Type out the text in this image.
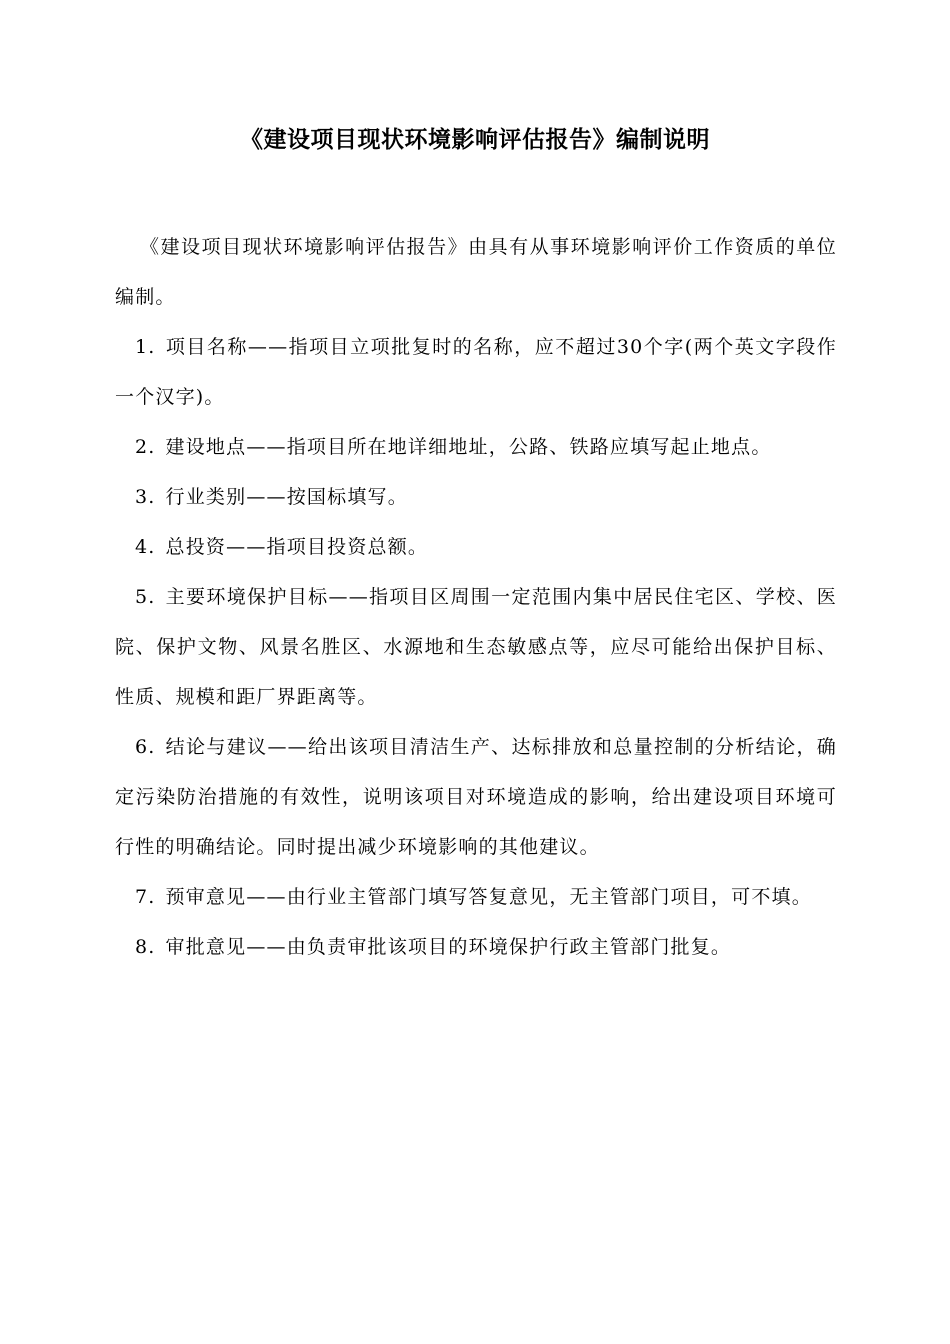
《建设项目现状环境影响评估报告》编制说明

《建设项目现状环境影响评估报告》由具有从事环境影响评价工作资质的单位编制。

1. 项目名称——指项目立项批复时的名称，应不超过30个字(两个英文字段作一个汉字)。

2. 建设地点——指项目所在地详细地址，公路、铁路应填写起止地点。

3. 行业类别——按国标填写。

4. 总投资——指项目投资总额。

5. 主要环境保护目标——指项目区周围一定范围内集中居民住宅区、学校、医院、保护文物、风景名胜区、水源地和生态敏感点等，应尽可能给出保护目标、性质、规模和距厂界距离等。

6. 结论与建议——给出该项目清洁生产、达标排放和总量控制的分析结论，确定污染防治措施的有效性，说明该项目对环境造成的影响，给出建设项目环境可行性的明确结论。同时提出减少环境影响的其他建议。

7. 预审意见——由行业主管部门填写答复意见，无主管部门项目，可不填。

8. 审批意见——由负责审批该项目的环境保护行政主管部门批复。
